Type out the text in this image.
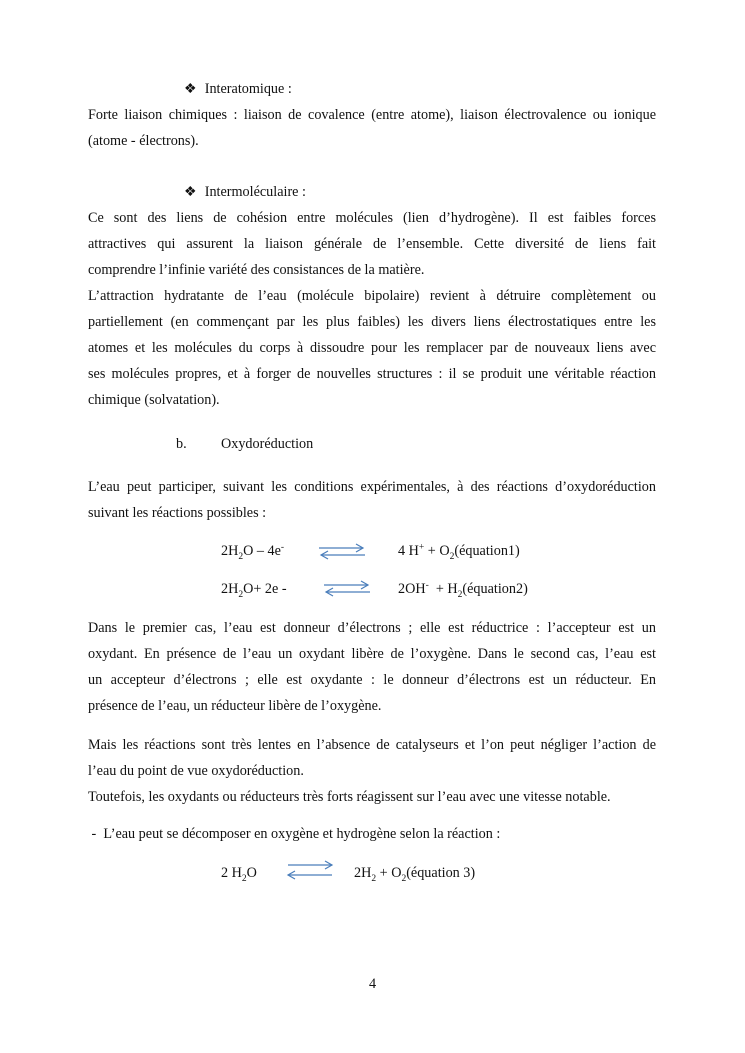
❖ Interatomique :
Forte liaison chimiques : liaison de covalence (entre atome), liaison électrovalence ou ionique
(atome - électrons).
❖ Intermoléculaire :
Ce sont des liens de cohésion entre molécules (lien d’hydrogène). Il est faibles forces
attractives qui assurent la liaison générale de l’ensemble. Cette diversité de liens fait
comprendre l’infinie variété des consistances de la matière.
L’attraction hydratante de l’eau (molécule bipolaire) revient à détruire complètement ou
partiellement (en commençant par les plus faibles) les divers liens électrostatiques entre les
atomes et les molécules du corps à dissoudre pour les remplacer par de nouveaux liens avec
ses molécules propres, et à forger de nouvelles structures : il se produit une véritable réaction
chimique (solvatation).
b. Oxydoréduction
L’eau peut participer, suivant les conditions expérimentales, à des réactions d’oxydoréduction
suivant les réactions possibles :
$2H_2O - 4e^-$	4 $H^+ + O_2(équation1)$
$2H_2O+ 2e$ -	$2OH^- + H_2(équation2)$
Dans le premier cas, l’eau est donneur d’électrons ; elle est réductrice : l’accepteur est un
oxydant. En présence de l’eau un oxydant libère de l’oxygène. Dans le second cas, l’eau est
un accepteur d’électrons ; elle est oxydante : le donneur d’électrons est un réducteur. En
présence de l’eau, un réducteur libère de l’oxygène.
Mais les réactions sont très lentes en l’absence de catalyseurs et l’on peut négliger l’action de
l’eau du point de vue oxydoréduction.
Toutefois, les oxydants ou réducteurs très forts réagissent sur l’eau avec une vitesse notable.
-  L’eau peut se décomposer en oxygène et hydrogène selon la réaction :
2 $H_2O$ ⇌ $2H_2$ + $O_2(équation$ 3)
4
